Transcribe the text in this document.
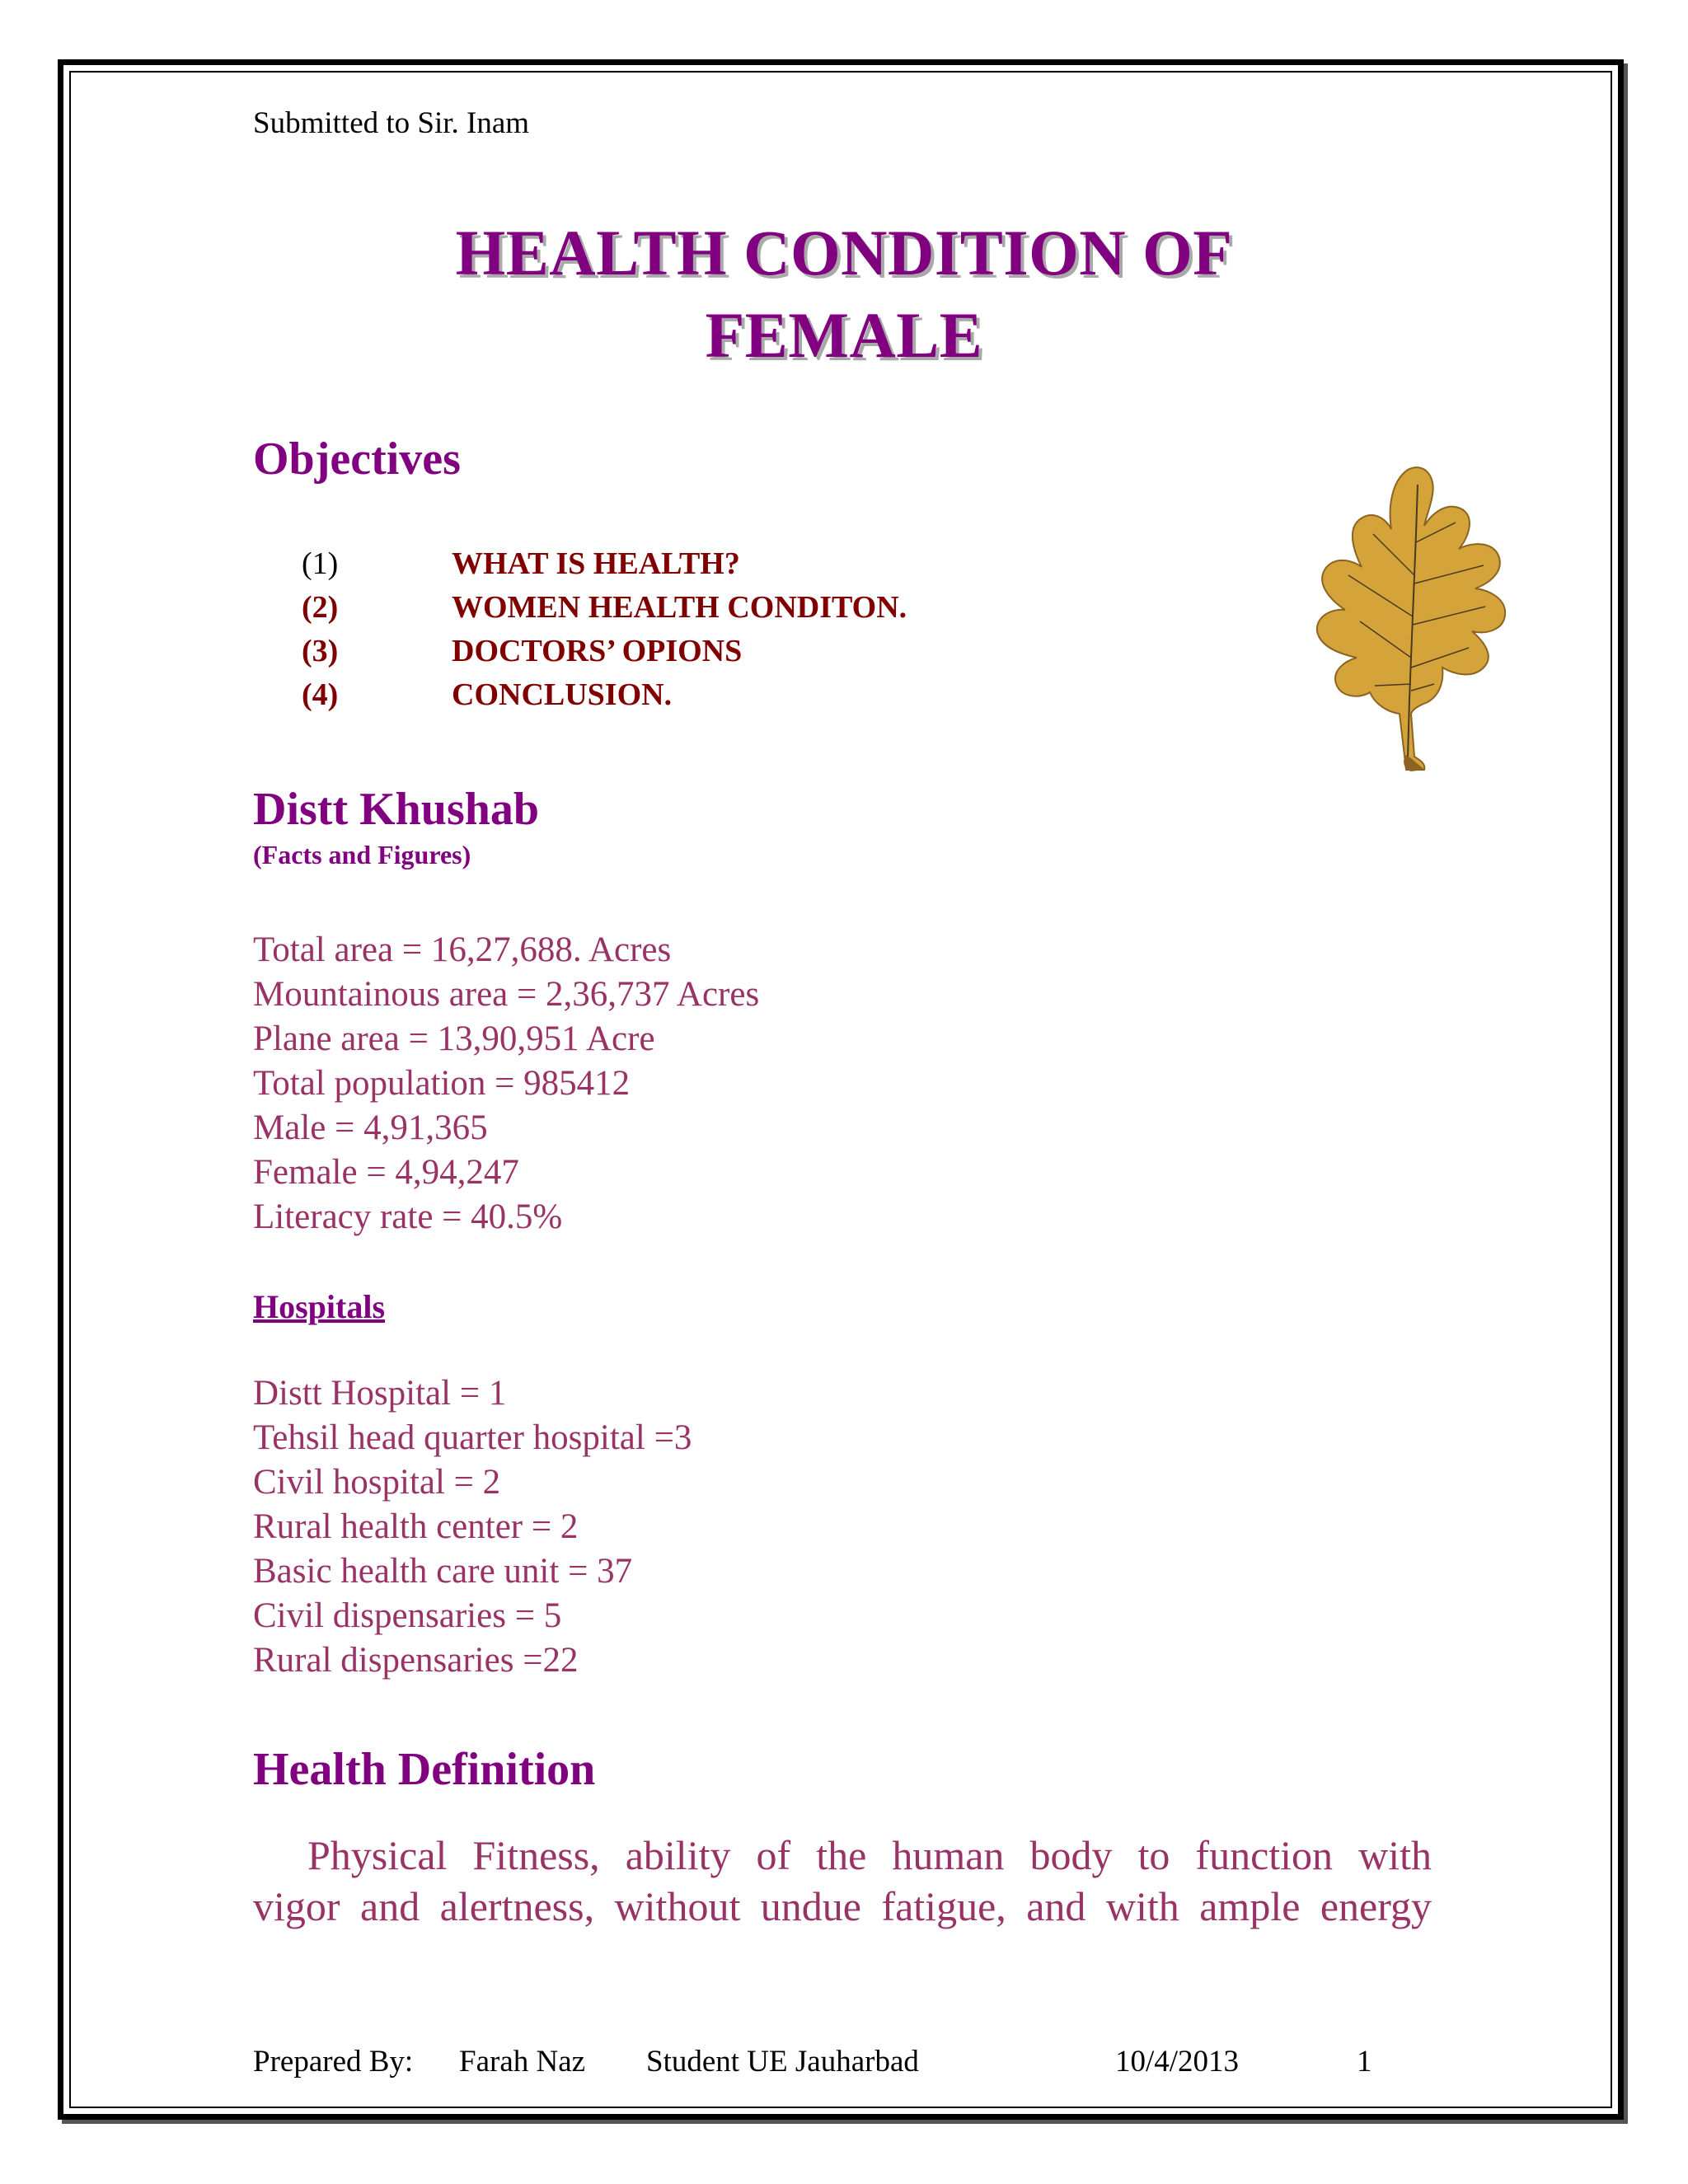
Submitted to Sir. Inam
HEALTH CONDITION OF
FEMALE
Objectives
(1)	WHAT IS HEALTH?
(2)	WOMEN HEALTH CONDITON.
(3)	DOCTORS’ OPIONS
(4)	CONCLUSION.
Distt Khushab
(Facts and Figures)
Total area = 16,27,688. Acres
Mountainous area = 2,36,737 Acres
Plane area = 13,90,951 Acre
Total population = 985412
Male = 4,91,365
Female = 4,94,247
Literacy rate = 40.5%
Hospitals
Distt Hospital = 1
Tehsil head quarter hospital =3
Civil hospital = 2
Rural health center = 2
Basic health care unit = 37
Civil dispensaries = 5
Rural dispensaries =22
Health Definition
Physical Fitness, ability of the human body to function with
vigor and alertness, without undue fatigue, and with ample energy
Prepared By: Farah Naz Student UE Jauharbad	10/4/2013	1
